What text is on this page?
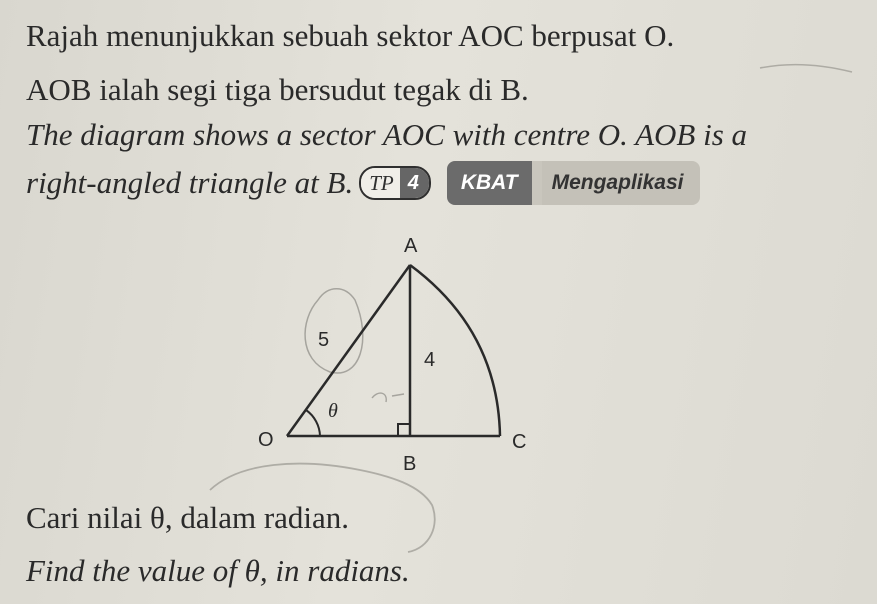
Rajah menunjukkan sebuah sektor AOC berpusat O.
AOB ialah segi tiga bersudut tegak di B.
The diagram shows a sector AOC with centre O. AOB is a
right-angled triangle at B. TP 4	KBAT	Mengaplikasi
A
O
B
C
5
4
θ
Cari nilai θ, dalam radian.
Find the value of θ, in radians.
